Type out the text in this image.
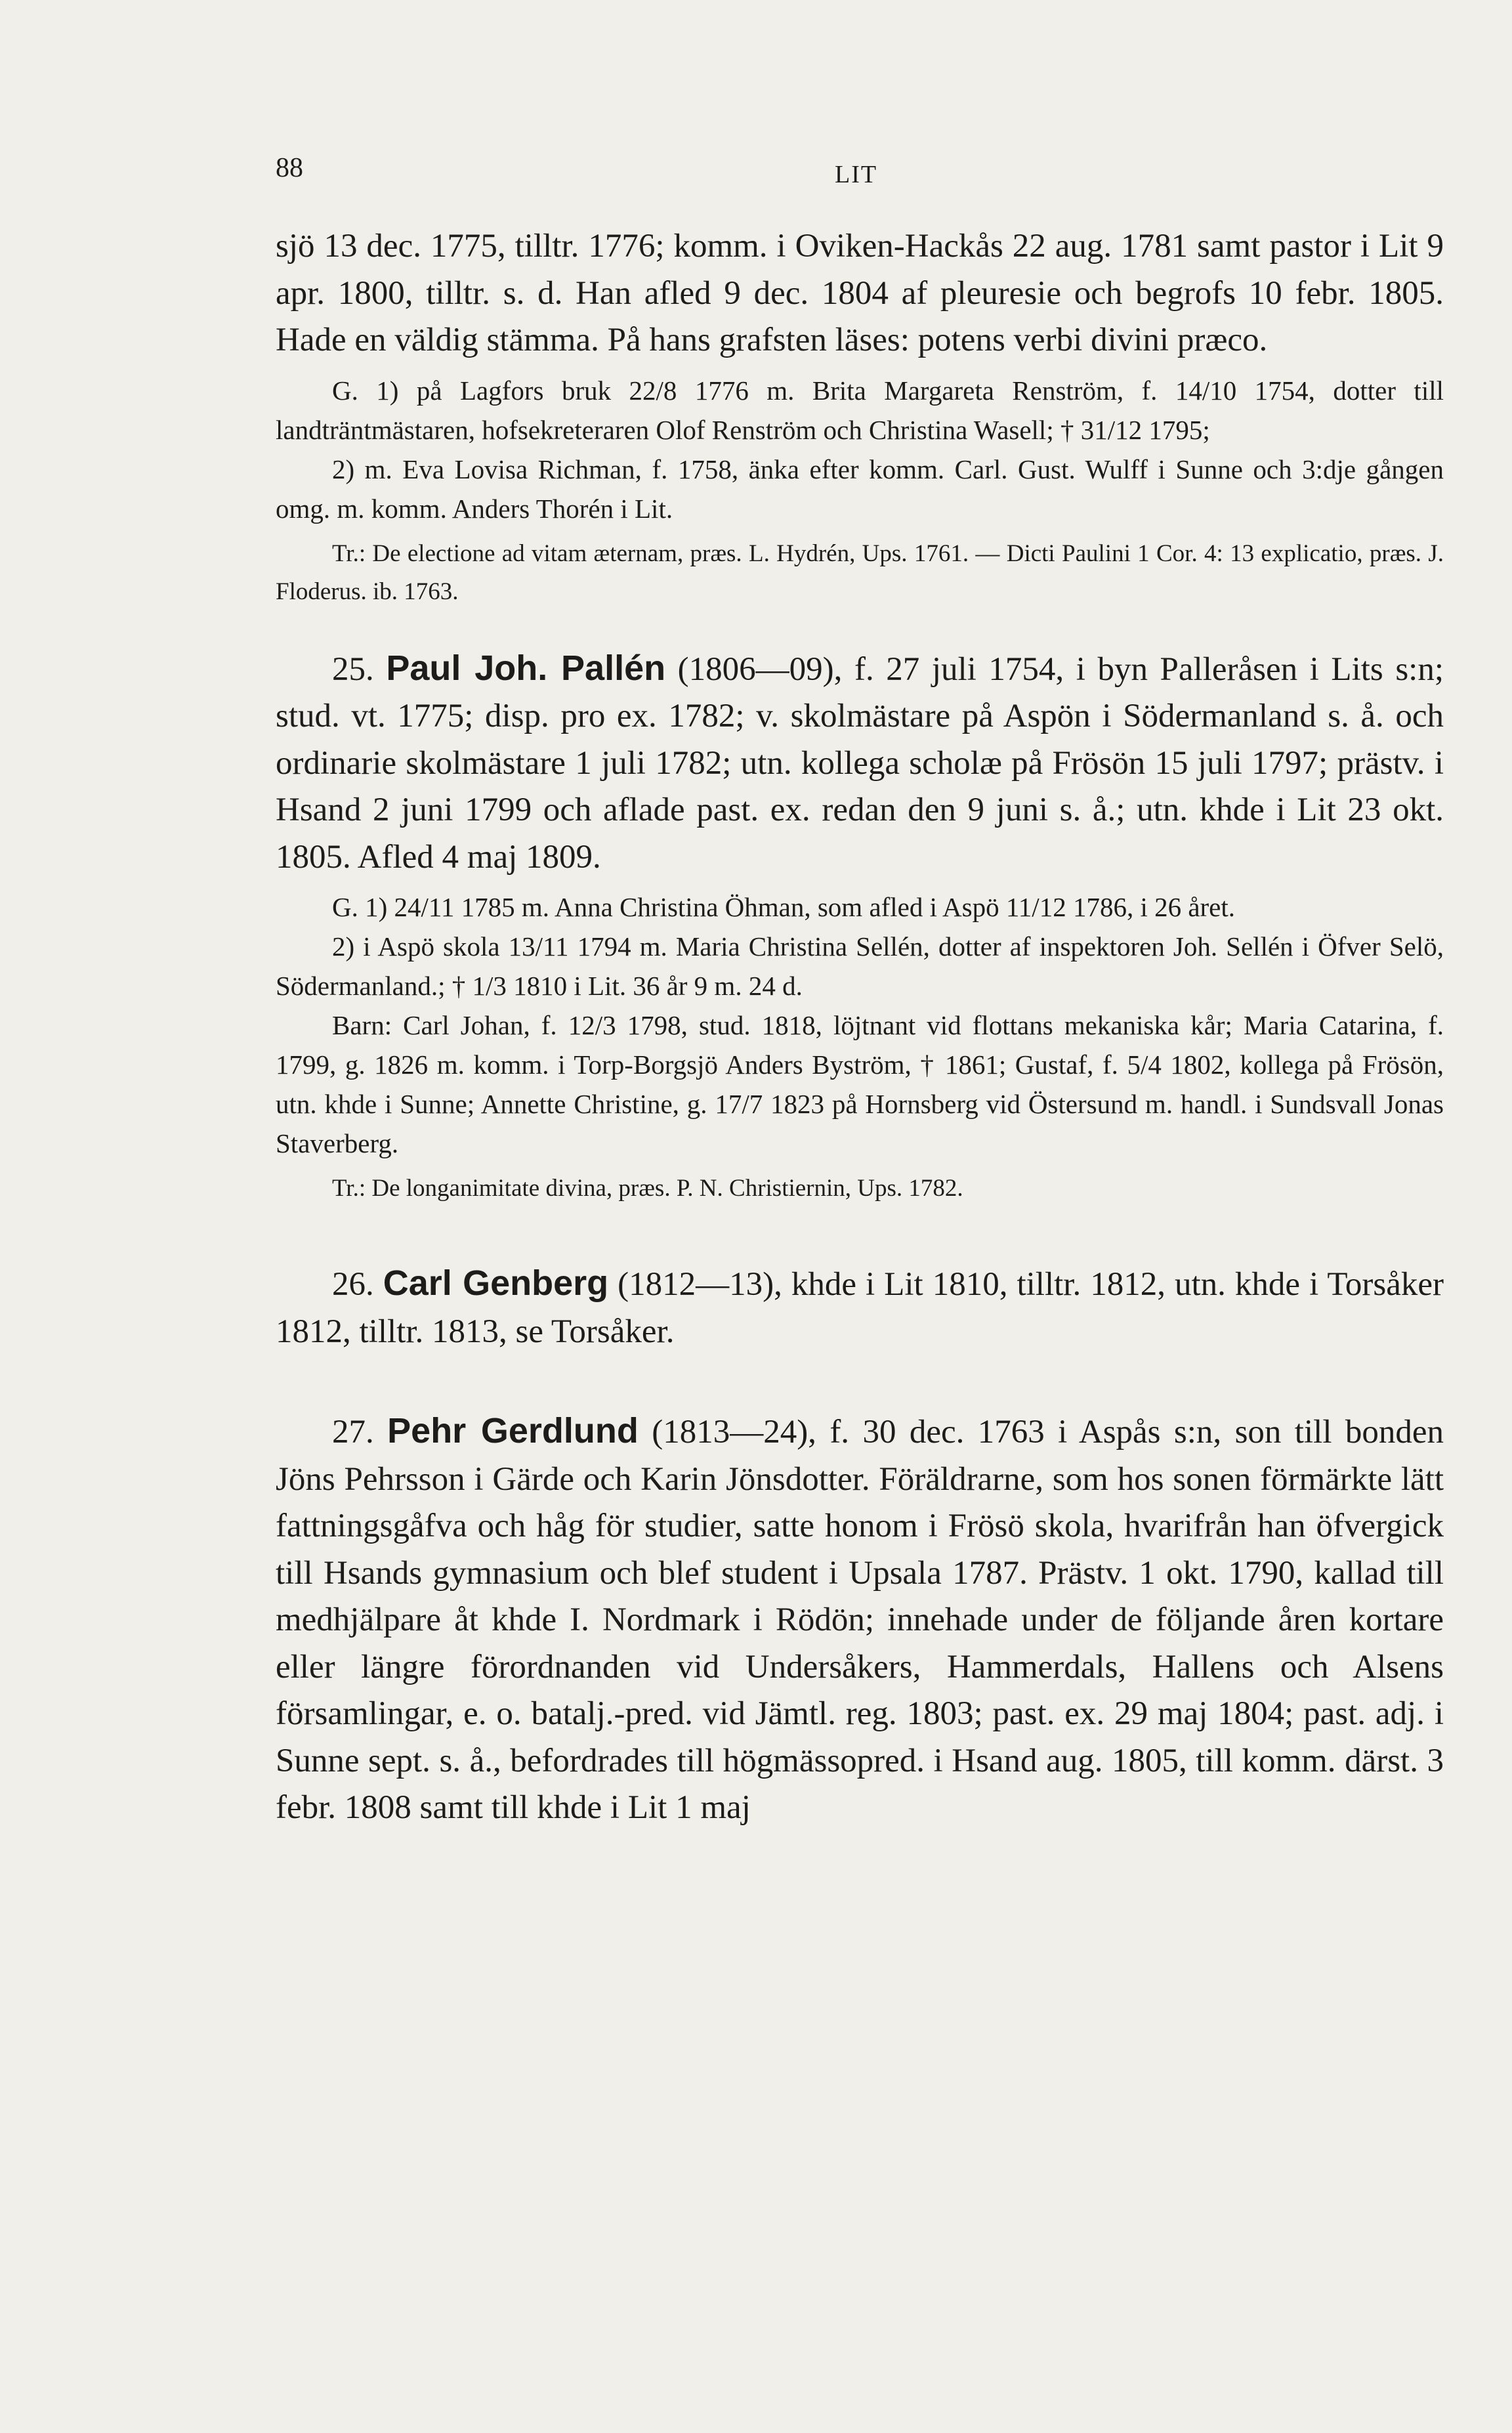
88	LIT

sjö 13 dec. 1775, tilltr. 1776; komm. i Oviken-Hackås 22 aug. 1781 samt pastor i Lit 9 apr. 1800, tilltr. s. d. Han afled 9 dec. 1804 af pleuresie och begrofs 10 febr. 1805. Hade en väldig stämma. På hans grafsten läses: potens verbi divini præco.

G. 1) på Lagfors bruk 22/8 1776 m. Brita Margareta Renström, f. 14/10 1754, dotter till landträntmästaren, hofsekreteraren Olof Renström och Christina Wasell; † 31/12 1795;

2) m. Eva Lovisa Richman, f. 1758, änka efter komm. Carl. Gust. Wulff i Sunne och 3:dje gången omg. m. komm. Anders Thorén i Lit.

Tr.: De electione ad vitam æternam, præs. L. Hydrén, Ups. 1761. — Dicti Paulini 1 Cor. 4: 13 explicatio, præs. J. Floderus. ib. 1763.

25. Paul Joh. Pallén (1806—09), f. 27 juli 1754, i byn Palleråsen i Lits s:n; stud. vt. 1775; disp. pro ex. 1782; v. skolmästare på Aspön i Södermanland s. å. och ordinarie skolmästare 1 juli 1782; utn. kollega scholæ på Frösön 15 juli 1797; prästv. i Hsand 2 juni 1799 och aflade past. ex. redan den 9 juni s. å.; utn. khde i Lit 23 okt. 1805. Afled 4 maj 1809.

G. 1) 24/11 1785 m. Anna Christina Öhman, som afled i Aspö 11/12 1786, i 26 året.

2) i Aspö skola 13/11 1794 m. Maria Christina Sellén, dotter af inspektoren Joh. Sellén i Öfver Selö, Södermanland.; † 1/3 1810 i Lit. 36 år 9 m. 24 d.

Barn: Carl Johan, f. 12/3 1798, stud. 1818, löjtnant vid flottans mekaniska kår; Maria Catarina, f. 1799, g. 1826 m. komm. i Torp-Borgsjö Anders Byström, † 1861; Gustaf, f. 5/4 1802, kollega på Frösön, utn. khde i Sunne; Annette Christine, g. 17/7 1823 på Hornsberg vid Östersund m. handl. i Sundsvall Jonas Staverberg.

Tr.: De longanimitate divina, præs. P. N. Christiernin, Ups. 1782.

26. Carl Genberg (1812—13), khde i Lit 1810, tilltr. 1812, utn. khde i Torsåker 1812, tilltr. 1813, se Torsåker.

27. Pehr Gerdlund (1813—24), f. 30 dec. 1763 i Aspås s:n, son till bonden Jöns Pehrsson i Gärde och Karin Jönsdotter. Föräldrarne, som hos sonen förmärkte lätt fattningsgåfva och håg för studier, satte honom i Frösö skola, hvarifrån han öfvergick till Hsands gymnasium och blef student i Upsala 1787. Prästv. 1 okt. 1790, kallad till medhjälpare åt khde I. Nordmark i Rödön; innehade under de följande åren kortare eller längre förordnanden vid Undersåkers, Hammerdals, Hallens och Alsens församlingar, e. o. batalj.-pred. vid Jämtl. reg. 1803; past. ex. 29 maj 1804; past. adj. i Sunne sept. s. å., befordrades till högmässopred. i Hsand aug. 1805, till komm. därst. 3 febr. 1808 samt till khde i Lit 1 maj
